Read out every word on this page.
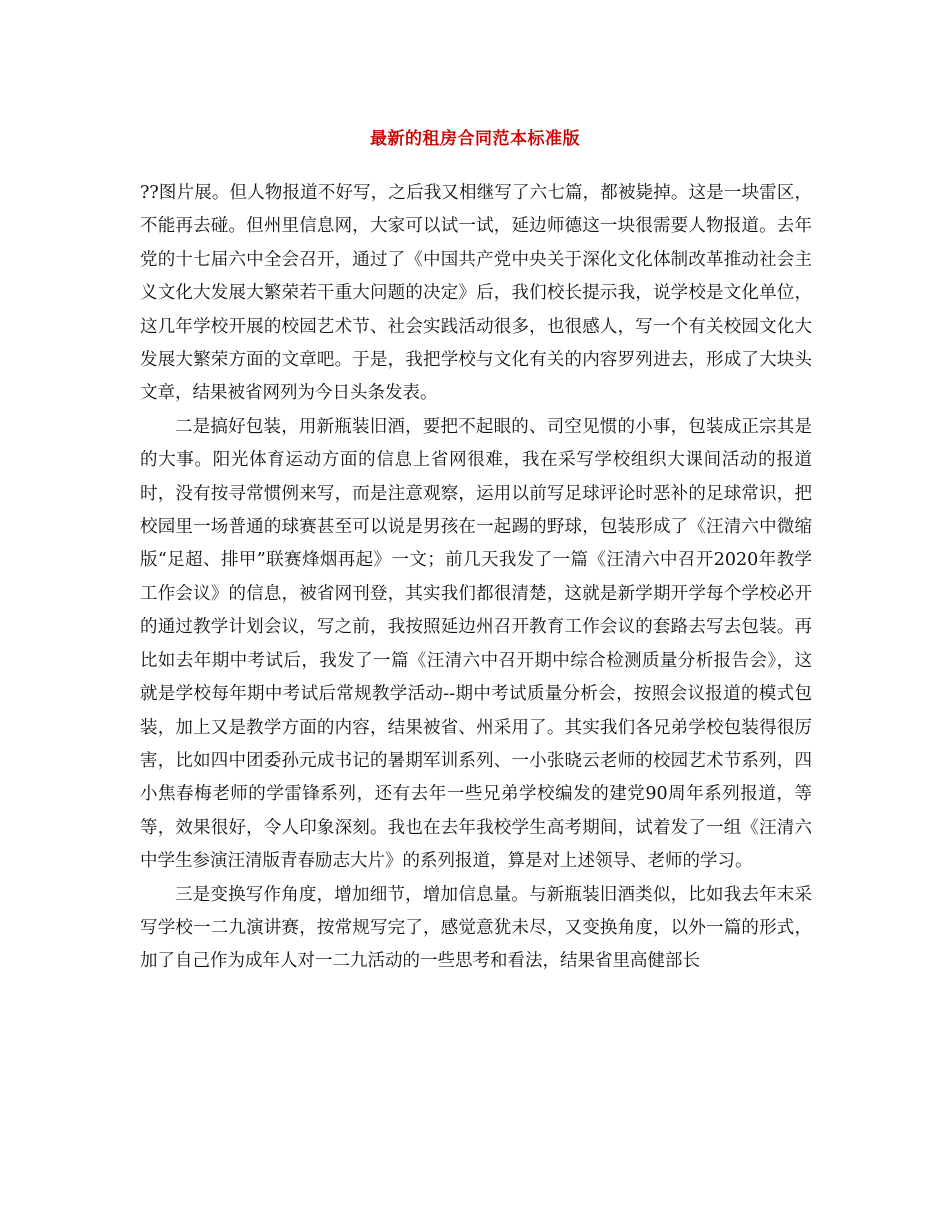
最新的租房合同范本标准版

??图片展。但人物报道不好写，之后我又相继写了六七篇，都被毙掉。这是一块雷区，不能再去碰。但州里信息网，大家可以试一试，延边师德这一块很需要人物报道。去年党的十七届六中全会召开，通过了《中国共产党中央关于深化文化体制改革推动社会主义文化大发展大繁荣若干重大问题的决定》后，我们校长提示我，说学校是文化单位，这几年学校开展的校园艺术节、社会实践活动很多，也很感人，写一个有关校园文化大发展大繁荣方面的文章吧。于是，我把学校与文化有关的内容罗列进去，形成了大块头文章，结果被省网列为今日头条发表。

二是搞好包装，用新瓶装旧酒，要把不起眼的、司空见惯的小事，包装成正宗其是的大事。阳光体育运动方面的信息上省网很难，我在采写学校组织大课间活动的报道时，没有按寻常惯例来写，而是注意观察，运用以前写足球评论时恶补的足球常识，把校园里一场普通的球赛甚至可以说是男孩在一起踢的野球，包装形成了《汪清六中微缩版“足超、排甲”联赛烽烟再起》一文；前几天我发了一篇《汪清六中召开2020年教学工作会议》的信息，被省网刊登，其实我们都很清楚，这就是新学期开学每个学校必开的通过教学计划会议，写之前，我按照延边州召开教育工作会议的套路去写去包装。再比如去年期中考试后，我发了一篇《汪清六中召开期中综合检测质量分析报告会》，这就是学校每年期中考试后常规教学活动--期中考试质量分析会，按照会议报道的模式包装，加上又是教学方面的内容，结果被省、州采用了。其实我们各兄弟学校包装得很厉害，比如四中团委孙元成书记的暑期军训系列、一小张晓云老师的校园艺术节系列，四小焦春梅老师的学雷锋系列，还有去年一些兄弟学校编发的建党90周年系列报道，等等，效果很好，令人印象深刻。我也在去年我校学生高考期间，试着发了一组《汪清六中学生参演汪清版青春励志大片》的系列报道，算是对上述领导、老师的学习。

三是变换写作角度，增加细节，增加信息量。与新瓶装旧酒类似，比如我去年末采写学校一二九演讲赛，按常规写完了，感觉意犹未尽，又变换角度，以外一篇的形式，加了自己作为成年人对一二九活动的一些思考和看法，结果省里高健部长
